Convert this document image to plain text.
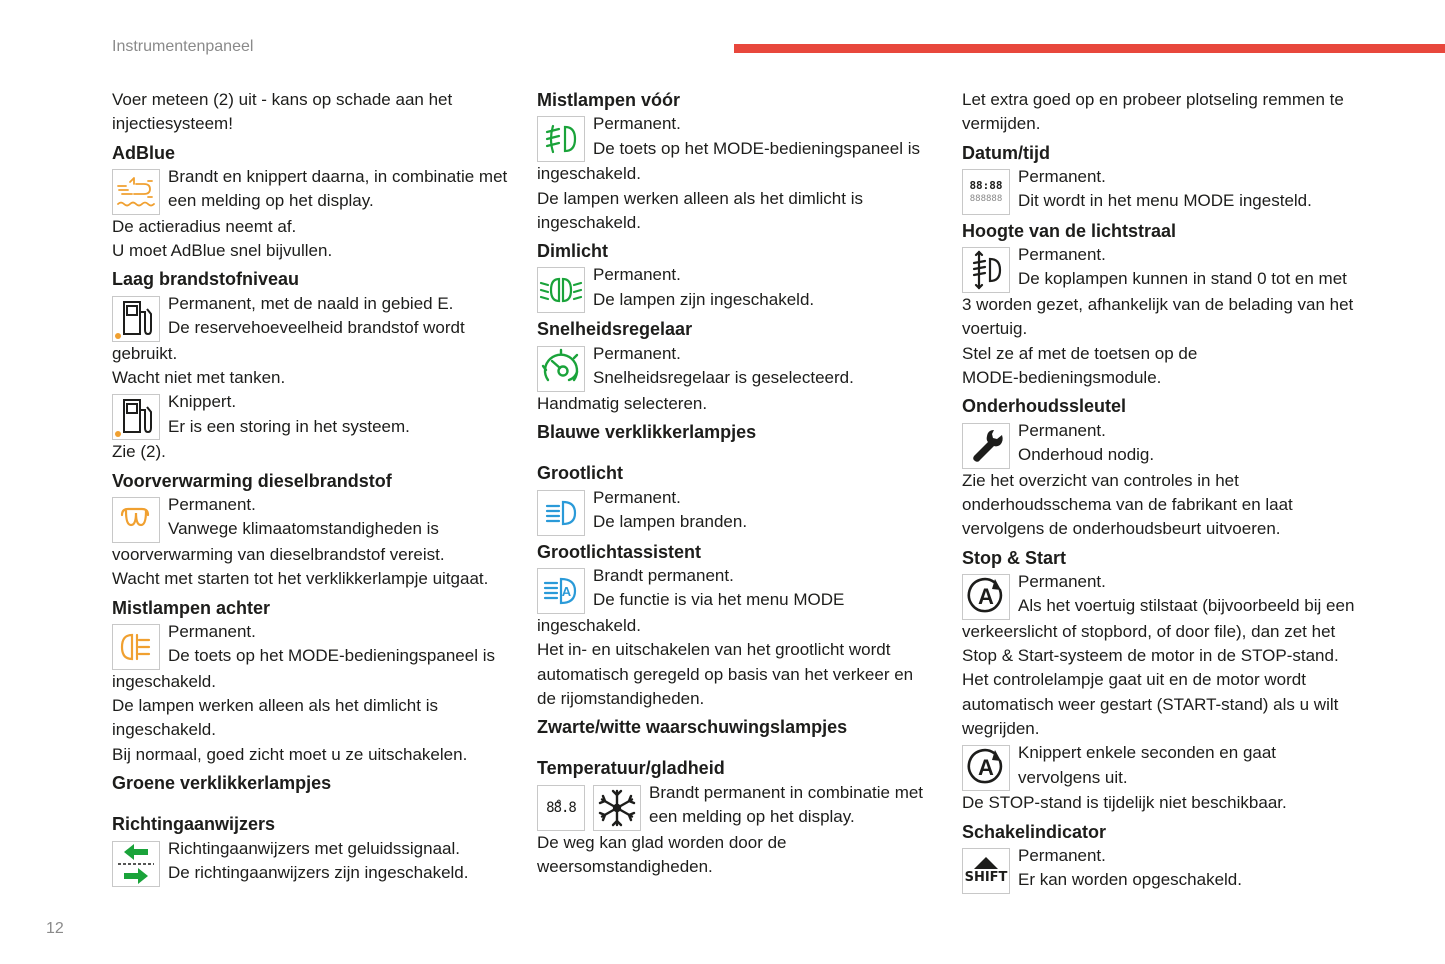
Instrumentenpaneel
12

Voer meteen (2) uit - kans op schade aan het

injectiesysteem!

AdBlue

Brandt en knippert daarna, in combinatie met

een melding op het display.

De actieradius neemt af.

U moet AdBlue snel bijvullen.

Laag brandstofniveau

Permanent, met de naald in gebied E.

De reservehoeveelheid brandstof wordt

gebruikt.

Wacht niet met tanken.

Knippert.

Er is een storing in het systeem.

Zie (2).

Voorverwarming dieselbrandstof

Permanent.

Vanwege klimaatomstandigheden is

voorverwarming van dieselbrandstof vereist.

Wacht met starten tot het verklikkerlampje uitgaat.

Mistlampen achter

Permanent.

De toets op het MODE-bedieningspaneel is

ingeschakeld.

De lampen werken alleen als het dimlicht is

ingeschakeld.

Bij normaal, goed zicht moet u ze uitschakelen.

Groene verklikkerlampjes
Richtingaanwijzers

Richtingaanwijzers met geluidssignaal.

De richtingaanwijzers zijn ingeschakeld.

Mistlampen vóór

Permanent.

De toets op het MODE-bedieningspaneel is

ingeschakeld.

De lampen werken alleen als het dimlicht is

ingeschakeld.

Dimlicht

Permanent.

De lampen zijn ingeschakeld.

Snelheidsregelaar

Permanent.

Snelheidsregelaar is geselecteerd.

Handmatig selecteren.

Blauwe verklikkerlampjes
Grootlicht

Permanent.

De lampen branden.

Grootlichtassistent
A

Brandt permanent.

De functie is via het menu MODE

ingeschakeld.

Het in- en uitschakelen van het grootlicht wordt

automatisch geregeld op basis van het verkeer en

de rijomstandigheden.

Zwarte/witte waarschuwingslampjes
Temperatuur/gladheid
8̊8.8

Brandt permanent in combinatie met

een melding op het display.

De weg kan glad worden door de

weersomstandigheden.

Let extra goed op en probeer plotseling remmen te

vermijden.

Datum/tijd
88:88
888888

Permanent.

Dit wordt in het menu MODE ingesteld.

Hoogte van de lichtstraal

Permanent.

De koplampen kunnen in stand 0 tot en met

3 worden gezet, afhankelijk van de belading van het

voertuig.

Stel ze af met de toetsen op de

MODE-bedieningsmodule.

Onderhoudssleutel

Permanent.

Onderhoud nodig.

Zie het overzicht van controles in het

onderhoudsschema van de fabrikant en laat

vervolgens de onderhoudsbeurt uitvoeren.

Stop & Start
A

Permanent.

Als het voertuig stilstaat (bijvoorbeeld bij een

verkeerslicht of stopbord, of door file), dan zet het

Stop & Start-systeem de motor in de STOP-stand.

Het controlelampje gaat uit en de motor wordt

automatisch weer gestart (START-stand) als u wilt

wegrijden.

A

Knippert enkele seconden en gaat

vervolgens uit.

De STOP-stand is tijdelijk niet beschikbaar.

Schakelindicator
SHIFT

Permanent.

Er kan worden opgeschakeld.
